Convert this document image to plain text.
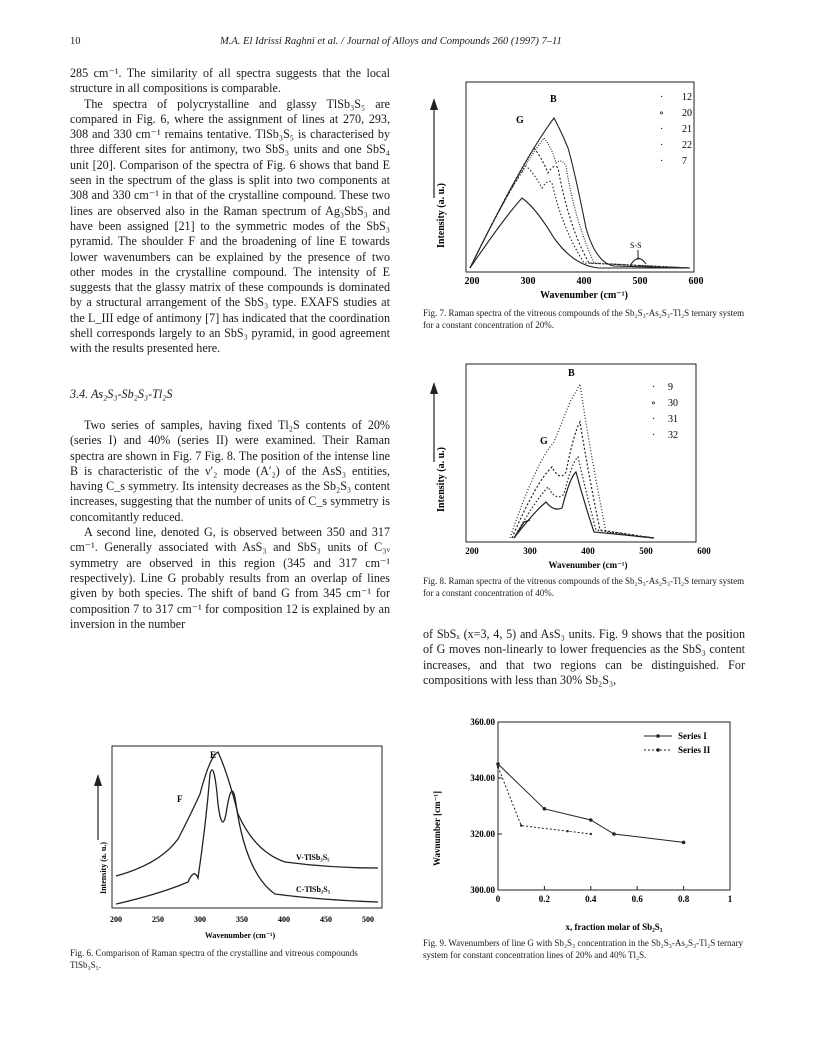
10	M.A. El Idrissi Raghni et al. / Journal of Alloys and Compounds 260 (1997) 7–11

285 cm⁻¹. The similarity of all spectra suggests that the local structure in all compositions is comparable.

The spectra of polycrystalline and glassy TlSb₃S₅ are compared in Fig. 6, where the assignment of lines at 270, 293, 308 and 330 cm⁻¹ remains tentative. TlSb₃S₅ is characterised by three different sites for antimony, two SbS₃ units and one SbS₄ unit [20]. Comparison of the spectra of Fig. 6 shows that band E seen in the spectrum of the glass is split into two components at 308 and 330 cm⁻¹ in that of the crystalline compound. These two lines are observed also in the Raman spectrum of Ag₃SbS₃ and have been assigned [21] to the symmetric modes of the SbS₃ pyramid. The shoulder F and the broadening of line E towards lower wavenumbers can be explained by the presence of two other modes in the crystalline compound. The intensity of E suggests that the glassy matrix of these compounds is dominated by a structural arrangement of the SbS₃ type. EXAFS studies at the L_III edge of antimony [7] has indicated that the coordination shell corresponds largely to an SbS₃ pyramid, in good agreement with the results presented here.

3.4. As₂S₃-Sb₂S₃-Tl₂S

Two series of samples, having fixed Tl₂S contents of 20% (series I) and 40% (series II) were examined. Their Raman spectra are shown in Fig. 7 Fig. 8. The position of the intense line B is characteristic of the ν′₂ mode (A′₂) of the AsS₃ entities, having C_s symmetry. Its intensity decreases as the Sb₂S₃ content increases, suggesting that the number of units of C_s symmetry is concomitantly reduced.

A second line, denoted G, is observed between 350 and 317 cm⁻¹. Generally associated with AsS₃ and SbS₃ units of C₃ᵥ symmetry are observed in this region (345 and 317 cm⁻¹ respectively). Line G probably results from an overlap of lines given by both species. The shift of band G from 345 cm⁻¹ for composition 7 to 317 cm⁻¹ for composition 12 is explained by an inversion in the number

of SbSₓ (x=3, 4, 5) and AsS₃ units. Fig. 9 shows that the position of G moves non-linearly to lower frequencies as the SbS₃ content increases, and that two regions can be distinguished. For compositions with less than 30% Sb₂S₃,

Intensity (a. u.)
B
G
S-S
· 12
∘ 20
· 21
· 22
· 7
200	300	400	500	600
Wavenumber (cm⁻¹)
Fig. 7. Raman spectra of the vitreous compounds of the Sb₂S₃-As₂S₃-Tl₂S ternary system for a constant concentration of 20%.
Intensity (a. u.)
B
G
· 9
∘ 30
· 31
· 32
200	300	400	500	600
Wavenumber (cm⁻¹)
Fig. 8. Raman spectra of the vitreous compounds of the Sb₂S₃-As₂S₃-Tl₂S ternary system for a constant concentration of 40%.
Intensity (a. u.)
E
F
V-TlSb₃S₅
C-TlSb₃S₅
200	250	300	350	400	450	500
Wavenumber (cm⁻¹)
Fig. 6. Comparison of Raman spectra of the crystalline and vitreous compounds TlSb₃S₅.
Wavnumber [cm⁻¹]
x, fraction molar of Sb₂S₃
300.00
320.00
340.00
360.00
0	0.2	0.4	0.6	0.8	1
Series I
Series II
Fig. 9. Wavenumbers of line G with Sb₂S₃ concentration in the Sb₂S₃-As₂S₃-Tl₂S ternary system for constant concentration lines of 20% and 40% Tl₂S.
